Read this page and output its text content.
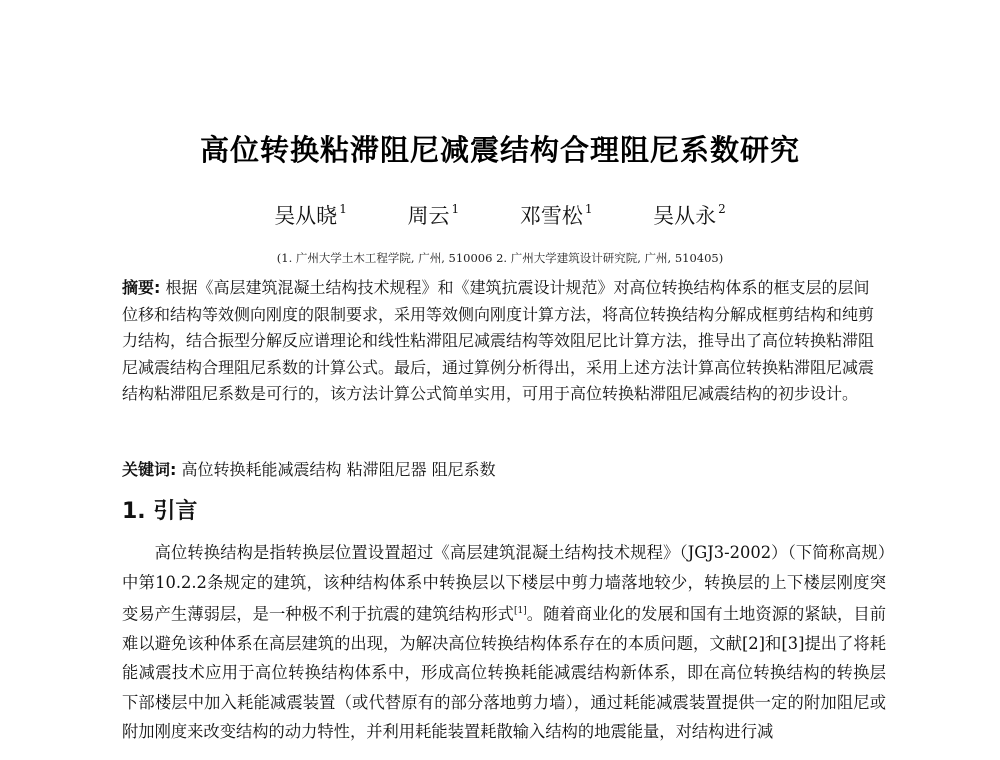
高位转换粘滞阻尼减震结构合理阻尼系数研究
吴从晓 $^1$	周云 $^1$	邓雪松 $^1$	吴从永 $^2$
(1. 广州大学土木工程学院, 广州, 510006 2. 广州大学建筑设计研究院, 广州, 510405)
摘要: 根据《高层建筑混凝土结构技术规程》和《建筑抗震设计规范》对高位转换结构体系的框支层的层间位移和结构等效侧向刚度的限制要求，采用等效侧向刚度计算方法，将高位转换结构分解成框剪结构和纯剪力结构，结合振型分解反应谱理论和线性粘滞阻尼减震结构等效阻尼比计算方法，推导出了高位转换粘滞阻尼减震结构合理阻尼系数的计算公式。最后，通过算例分析得出，采用上述方法计算高位转换粘滞阻尼减震结构粘滞阻尼系数是可行的，该方法计算公式简单实用，可用于高位转换粘滞阻尼减震结构的初步设计。
关键词: 高位转换耗能减震结构 粘滞阻尼器 阻尼系数
1. 引言
高位转换结构是指转换层位置设置超过《高层建筑混凝土结构技术规程》（JGJ3-2002）（下简称高规）中第10.2.2条规定的建筑，该种结构体系中转换层以下楼层中剪力墙落地较少，转换层的上下楼层刚度突变易产生薄弱层，是一种极不利于抗震的建筑结构形式[1]。随着商业化的发展和国有土地资源的紧缺，目前难以避免该种体系在高层建筑的出现，为解决高位转换结构体系存在的本质问题，文献[2]和[3]提出了将耗能减震技术应用于高位转换结构体系中，形成高位转换耗能减震结构新体系，即在高位转换结构的转换层下部楼层中加入耗能减震装置（或代替原有的部分落地剪力墙），通过耗能减震装置提供一定的附加阻尼或附加刚度来改变结构的动力特性，并利用耗能装置耗散输入结构的地震能量，对结构进行减
